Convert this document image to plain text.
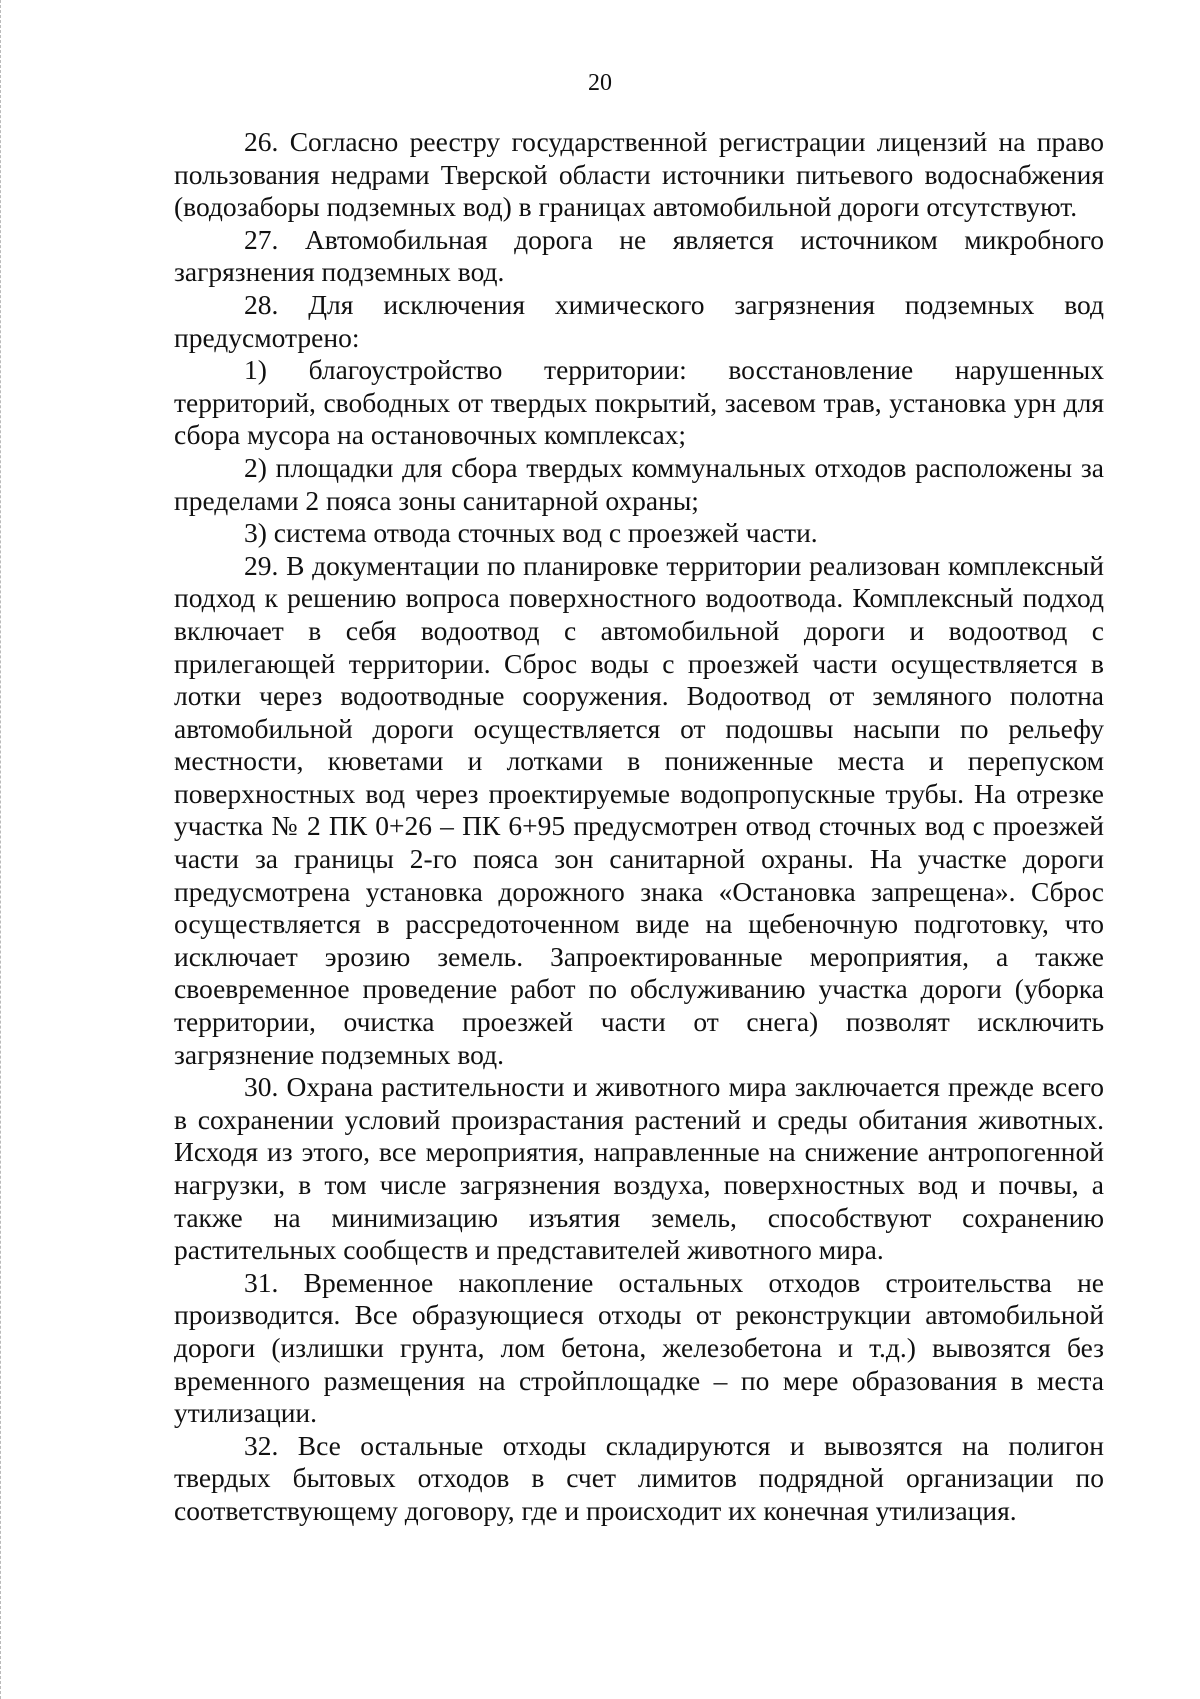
20

26. Согласно реестру государственной регистрации лицензий на право пользования недрами Тверской области источники питьевого водоснабжения (водозаборы подземных вод) в границах автомобильной дороги отсутствуют.

27. Автомобильная дорога не является источником микробного загрязнения подземных вод.

28. Для исключения химического загрязнения подземных вод предусмотрено:

1) благоустройство территории: восстановление нарушенных территорий, свободных от твердых покрытий, засевом трав, установка урн для сбора мусора на остановочных комплексах;

2) площадки для сбора твердых коммунальных отходов расположены за пределами 2 пояса зоны санитарной охраны;

3) система отвода сточных вод с проезжей части.

29. В документации по планировке территории реализован комплексный подход к решению вопроса поверхностного водоотвода. Комплексный подход включает в себя водоотвод с автомобильной дороги и водоотвод с прилегающей территории. Сброс воды с проезжей части осуществляется в лотки через водоотводные сооружения. Водоотвод от земляного полотна автомобильной дороги осуществляется от подошвы насыпи по рельефу местности, кюветами и лотками в пониженные места и перепуском поверхностных вод через проектируемые водопропускные трубы. На отрезке участка № 2 ПК 0+26 – ПК 6+95 предусмотрен отвод сточных вод с проезжей части за границы 2-го пояса зон санитарной охраны. На участке дороги предусмотрена установка дорожного знака «Остановка запрещена». Сброс осуществляется в рассредоточенном виде на щебеночную подготовку, что исключает эрозию земель. Запроектированные мероприятия, а также своевременное проведение работ по обслуживанию участка дороги (уборка территории, очистка проезжей части от снега) позволят исключить загрязнение подземных вод.

30. Охрана растительности и животного мира заключается прежде всего в сохранении условий произрастания растений и среды обитания животных. Исходя из этого, все мероприятия, направленные на снижение антропогенной нагрузки, в том числе загрязнения воздуха, поверхностных вод и почвы, а также на минимизацию изъятия земель, способствуют сохранению растительных сообществ и представителей животного мира.

31. Временное накопление остальных отходов строительства не производится. Все образующиеся отходы от реконструкции автомобильной дороги (излишки грунта, лом бетона, железобетона и т.д.) вывозятся без временного размещения на стройплощадке – по мере образования в места утилизации.

32. Все остальные отходы складируются и вывозятся на полигон твердых бытовых отходов в счет лимитов подрядной организации по соответствующему договору, где и происходит их конечная утилизация.
